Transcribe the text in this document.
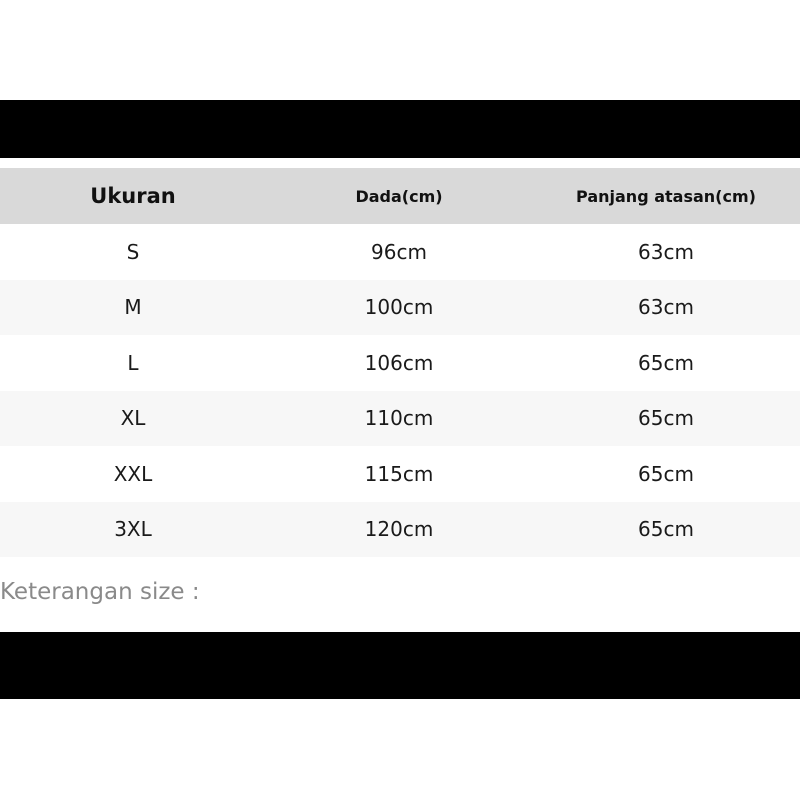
Ukuran	Dada(cm)	Panjang atasan(cm)
S	96cm	63cm
M	100cm	63cm
L	106cm	65cm
XL	110cm	65cm
XXL	115cm	65cm
3XL	120cm	65cm
Keterangan size :
